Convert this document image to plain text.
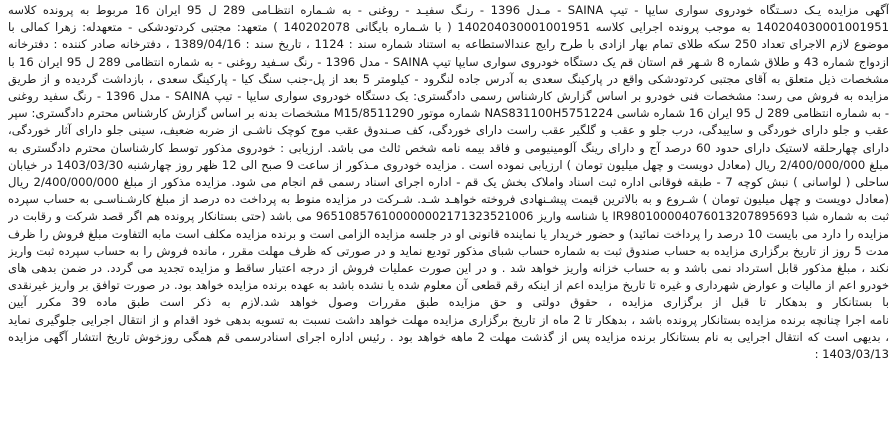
آگهی مزایده یـک دسـتگاه خودروی سواری سایپا - تیپ SAINA - مـدل 1396 - رنـگ سفیـد - روغنی - به شـماره انتظـامی 289 ل 95 ایران 16 مربوط به پرونده کلاسه
140204030001001951 به موجب پرونده اجرایی کلاسه 140204030001001951 ( با شـماره بایگانی 140202078 ) متعهد: مجتبی کردتودشکی - متعهدله: زهرا کمالی با
موضوع لازم الاجرای تعداد 250 سکه طلای تمام بهار ازادی با طرح رایج عندالاستطاعه به استناد شماره سند : 1124 ، تاریخ سند : 1389/04/16 ، دفترخانه صادر کننده : دفترخانه
ازدواج شماره 43 و طلاق شماره 8 شـهر قم استان قم یک دستگاه خودروی سواری سایپا تیپ SAINA - مدل 1396 - رنگ سـفید روغنی - به شماره انتظامی 289 ل 95 ایران 16 با
مشخصات ذیل متعلق به آقای مجتبی کردتودشکی واقع در پارکینگ سعدی به آدرس جاده لنگرود - کیلومتر 5 بعد از پل-جنب سنگ کیا - پارکینگ سعدی ، بازداشت گردیده و از طریق
مزایده به فروش می رسد: مشخصات فنی خودرو بر اساس گزارش کارشناس رسمی دادگستری: یک دستگاه خودروی سواری سایپا - تیپ SAINA - مدل 1396 - رنگ سفید روغنی
- به شماره انتظامی 289 ل 95 ایران 16 شماره شاسی NAS831100H5751224 شماره موتور M15/8511290 مشخصات بدنه بر اساس گزارش کارشناس محترم دادگستری: سپر
عقب و جلو دارای خوردگی و ساییدگی، درب جلو و عقب و گلگیر عقب راست دارای خوردگی، کف صـندوق عقب موج کوچک ناشـی از ضربه ضعیف، سینی جلو دارای آثار خوردگی،
دارای چهارحلقه لاستیک دارای حدود 60 درصد آج و دارای رینگ آلومینیومی و فاقد بیمه نامه شخص ثالث می باشد. ارزیابی : خودروی مذکور توسط کارشناسان محترم دادگستری به
مبلغ 2/400/000/000 ریال (معادل دویست و چهل میلیون تومان ) ارزیابی نموده است . مزایده خودروی مـذکور از ساعت 9 صبح الی 12 ظهر روز چهارشنبه 1403/03/30 در خیابان
ساحلی ( لواسانی ) نبش کوچه 7 - طبقه فوقانی اداره ثبت اسناد واملاک بخش یک قم - اداره اجرای اسناد رسمی قم انجام می شود. مزایده مذکور از مبلغ 2/400/000/000 ریال
(معادل دویست و چهل میلیون تومان ) شـروع و به بالاترین قیمت پیشـنهادی فروخته خواهـد شـد. شـرکت در مزایده منوط به پرداخت ده درصد از مبلغ کارشـناسـی به حساب سپرده
ثبت به شماره شبا IR980100004076013207895693 یا شناسه واریز 965108576100000002171323521006 می باشد (حتی بستانکار پرونده هم اگر قصد شرکت و رقابت در
مزایده را دارد می بایست 10 درصد را پرداخت نمائید) و حضور خریدار یا نماینده قانونی او در جلسه مزایده الزامی است و برنده مزایده مکلف است مابه التفاوت مبلغ فروش را ظرف
مدت 5 روز از تاریخ برگزاری مزایده به حساب صندوق ثبت به شماره حساب شبای مذکور تودیع نماید و در صورتی که ظرف مهلت مقرر ، مانده فروش را به حساب سپرده ثبت واریز
نکند ، مبلغ مذکور قابل استرداد نمی باشد و به حساب خزانه واریز خواهد شد . و در این صورت عملیات فروش از درجه اعتبار ساقط و مزایده تجدید می گردد. در ضمن بدهی های
خودرو اعم از مالیات و عوارض شهرداری و غیره تا تاریخ مزایده اعم از اینکه رقم قطعی آن معلوم شده یا نشده باشد به عهده برنده مزایده خواهد بود. در صورت توافق بر واریز غیرنقدی
با بستانکار و بدهکار تا قبل از برگزاری مزایده ، حقوق دولتی و حق مزایده طبق مقررات وصول خواهد شد.لازم به ذکر است طبق ماده 39 مکرر آیین
نامه اجرا چنانچه برنده مزایده بستانکار پرونده باشد ، بدهکار تا 2 ماه از تاریخ برگزاری مزایده مهلت خواهد داشت نسبت به تسویه بدهی خود اقدام و از انتقال اجرایی جلوگیری نماید
، بدیهی است که انتقال اجرایی به نام بستانکار برنده مزایده پس از گذشت مهلت 2 ماهه خواهد بود . رئیس اداره اجرای اسنادرسمی قم همگی روزخوش تاریخ انتشار آگهی مزایده
1403/03/13 :
